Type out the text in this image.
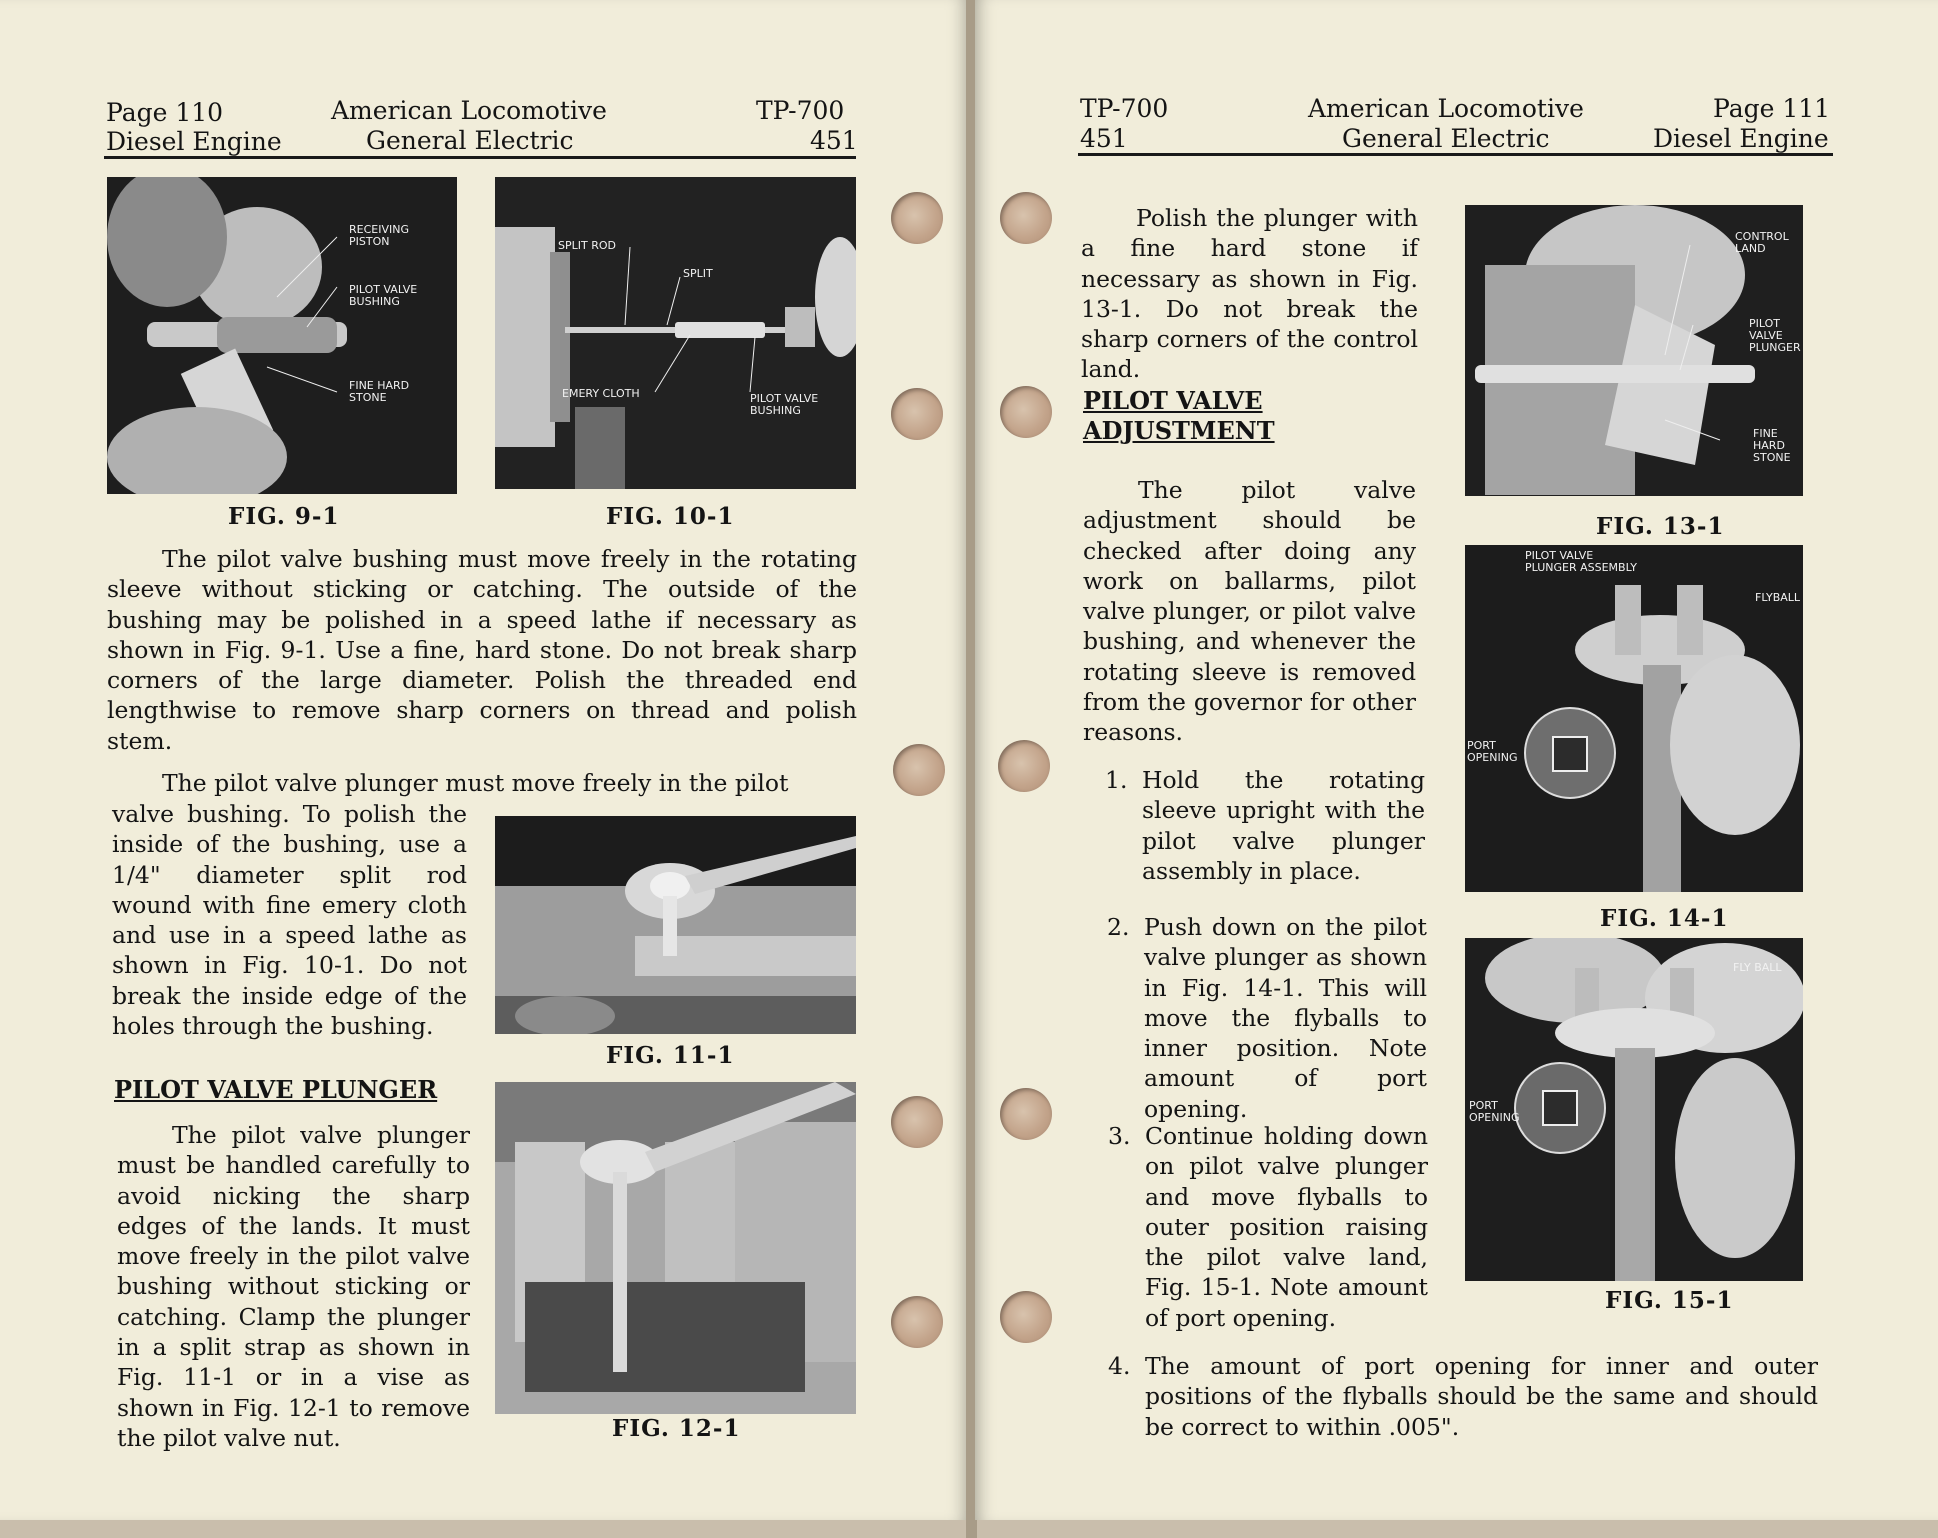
Page 110
Diesel Engine
American Locomotive
General Electric
TP-700
451
RECEIVING
PISTON
PILOT VALVE
BUSHING
FINE HARD
STONE
FIG. 9-1
SPLIT ROD
SPLIT
EMERY CLOTH	PILOT VALVE
BUSHING
FIG. 10-1
The pilot valve bushing must move freely in the rotating sleeve without sticking or catching. The outside of the bushing may be polished in a speed lathe if necessary as shown in Fig. 9-1. Use a fine, hard stone. Do not break sharp corners of the large diameter. Polish the threaded end lengthwise to remove sharp corners on thread and polish stem.
The pilot valve plunger must move freely in the pilot
valve bushing. To polish the inside of the bushing, use a 1/4" diameter split rod wound with fine emery cloth and use in a speed lathe as shown in Fig. 10-1. Do not break the inside edge of the holes through the bushing.
FIG. 11-1
PILOT VALVE PLUNGER
The pilot valve plunger must be handled carefully to avoid nicking the sharp edges of the lands. It must move freely in the pilot valve bushing without sticking or catching. Clamp the plunger in a split strap as shown in Fig. 11-1 or in a vise as shown in Fig. 12-1 to remove the pilot valve nut.	FIG. 12-1
TP-700
451
American Locomotive
General Electric
Page 111
Diesel Engine
Polish the plunger with a fine hard stone if necessary as shown in Fig. 13-1. Do not break the sharp corners of the control land.
PILOT VALVE
ADJUSTMENT
The pilot valve adjustment should be checked after doing any work on ballarms, pilot valve plunger, or pilot valve bushing, and whenever the rotating sleeve is removed from the governor for other reasons.
1. Hold the rotating sleeve upright with the pilot valve plunger assembly in place.
2. Push down on the pilot valve plunger as shown in Fig. 14-1. This will move the flyballs to inner position. Note amount of port opening.
3. Continue holding down on pilot valve plunger and move flyballs to outer position raising the pilot valve land, Fig. 15-1. Note amount of port opening.
4. The amount of port opening for inner and outer positions of the flyballs should be the same and should be correct to within .005".
CONTROL
LAND
PILOT
VALVE
PLUNGER
FINE
HARD
STONE
FIG. 13-1
PILOT VALVE
PLUNGER ASSEMBLY
FLYBALL
PORT
OPENING
FIG. 14-1
FLY BALL
PORT
OPENING
FIG. 15-1
